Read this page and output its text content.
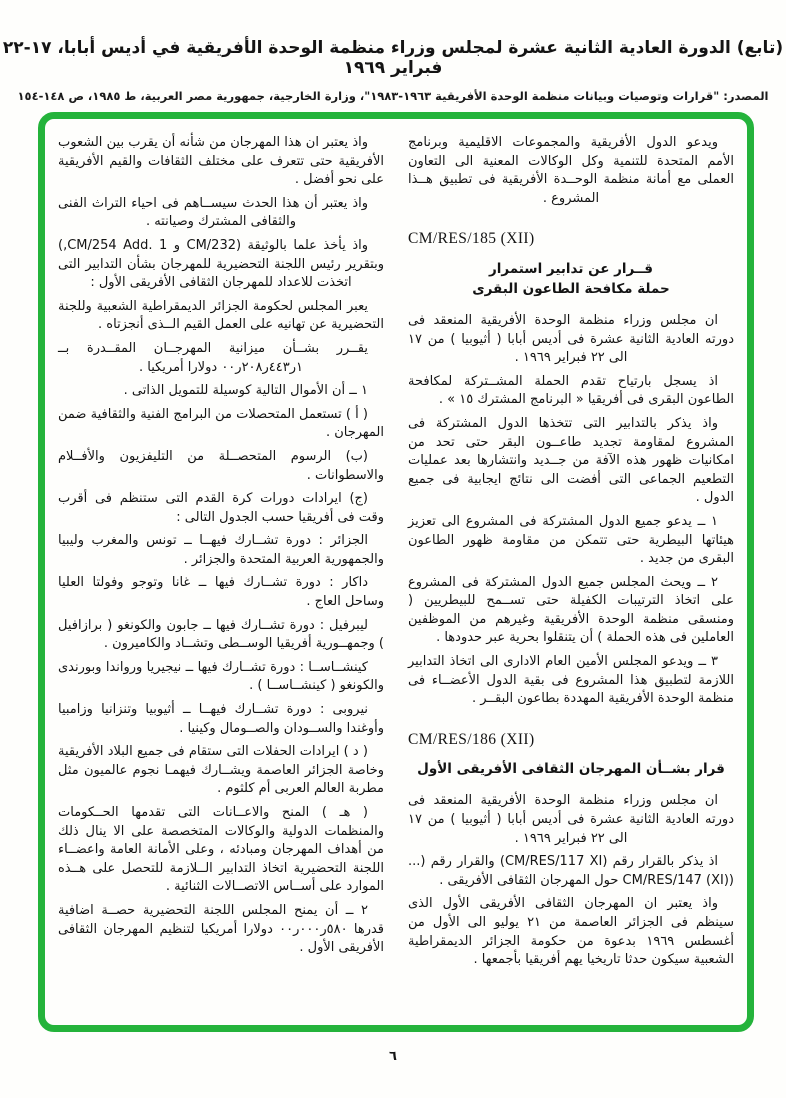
(تابع) الدورة العادية الثانية عشرة لمجلس وزراء منظمة الوحدة الأفريقية في أديس أبابا، ١٧-٢٢ فبراير ١٩٦٩
المصدر: "قرارات وتوصيات وبيانات منظمة الوحدة الأفريقية ١٩٦٣-١٩٨٣"، وزارة الخارجية، جمهورية مصر العربية، ط ١٩٨٥، ص ١٤٨-١٥٤

ويدعو الدول الأفريقية والمجموعات الاقليمية وبرنامج الأمم المتحدة للتنمية وكل الوكالات المعنية الى التعاون العملى مع أمانة منظمة الوحــدة الأفريقية فى تطبيق هــذا المشروع .

CM/RES/185 (XII)
قــرار عن تدابير استمرار
حملة مكافحة الطاعون البقرى

ان مجلس وزراء منظمة الوحدة الأفريقية المنعقد فى دورته العادية الثانية عشرة فى أديس أبابا ( أثيوبيا ) من ١٧ الى ٢٢ فبراير ١٩٦٩ .

اذ يسجل بارتياح تقدم الحملة المشــتركة لمكافحة الطاعون البقرى فى أفريقيا « البرنامج المشترك ١٥ » .

واذ يذكر بالتدابير التى تتخذها الدول المشتركة فى المشروع لمقاومة تجديد طاعــون البقر حتى تحد من امكانيات ظهور هذه الآفة من جــديد وانتشارها بعد عمليات التطعيم الجماعى التى أفضت الى نتائج ايجابية فى جميع الدول .

١ ــ يدعو جميع الدول المشتركة فى المشروع الى تعزيز هيئاتها البيطرية حتى تتمكن من مقاومة ظهور الطاعون البقرى من جديد .

٢ ــ ويحث المجلس جميع الدول المشتركة فى المشروع على اتخاذ الترتيبات الكفيلة حتى تســمح للبيطريين ( ومنسقى منظمة الوحدة الأفريقية وغيرهم من الموظفين العاملين فى هذه الحملة ) أن يتنقلوا بحرية عبر حدودها .

٣ ــ ويدعو المجلس الأمين العام الادارى الى اتخاذ التدابير اللازمة لتطبيق هذا المشروع فى بقية الدول الأعضــاء فى منظمة الوحدة الأفريقية المهددة بطاعون البقــر .

CM/RES/186 (XII)
قرار بشــأن المهرجان الثقافى الأفريقى الأول

ان مجلس وزراء منظمة الوحدة الأفريقية المنعقد فى دورته العادية الثانية عشرة فى أديس أبابا ( أثيوبيا ) من ١٧ الى ٢٢ فبراير ١٩٦٩ .

اذ يذكر بالقرار رقم (CM/RES/117 XI) والقرار رقم (... (CM/RES/147 (XI) حول المهرجان الثقافى الأفريقى .

واذ يعتبر ان المهرجان الثقافى الأفريقى الأول الذى سينظم فى الجزائر العاصمة من ٢١ يوليو الى الأول من أغسطس ١٩٦٩ بدعوة من حكومة الجزائر الديمقراطية الشعبية سيكون حدثا تاريخيا يهم أفريقيا بأجمعها .

واذ يعتبر ان هذا المهرجان من شأنه أن يقرب بين الشعوب الأفريقية حتى تتعرف على مختلف الثقافات والقيم الأفريقية على نحو أفضل .

واذ يعتبر أن هذا الحدث سيســاهم فى احياء التراث الفنى والثقافى المشترك وصيانته .

واذ يأخذ علما بالوثيقة (CM/232 و CM/254 Add. 1,) وبتقرير رئيس اللجنة التحضيرية للمهرجان بشأن التدابير التى اتخذت للاعداد للمهرجان الثقافى الأفريقى الأول :

يعبر المجلس لحكومة الجزائر الديمقراطية الشعبية وللجنة التحضيرية عن تهانيه على العمل القيم الــذى أنجزتاه .

يقــرر بشــأن ميزانية المهرجــان المقــدرة بــ ١ر٤٤٣ر٢٠٨ر٠٠ دولارا أمريكيا .

١ ــ أن الأموال التالية كوسيلة للتمويل الذاتى .

( أ ) تستعمل المتحصلات من البرامج الفنية والثقافية ضمن المهرجان .

(ب) الرسوم المتحصــلة من التليفزيون والأفــلام والاسطوانات .

(ج) ايرادات دورات كرة القدم التى ستنظم فى أقرب وقت فى أفريقيا حسب الجدول التالى :

الجزائر : دورة تشــارك فيهــا ــ تونس والمغرب وليبيا والجمهورية العربية المتحدة والجزائر .

داكار : دورة تشــارك فيها ــ غانا وتوجو وفولتا العليا وساحل العاج .

ليبرفيل : دورة تشــارك فيها ــ جابون والكونغو ( برازافيل ) وجمهــورية أفريقيا الوســطى وتشــاد والكاميرون .

كينشــاســا : دورة تشــارك فيها ــ نيجيريا ورواندا وبورندى والكونغو ( كينشــاســا ) .

نيروبى : دورة تشــارك فيهــا ــ أثيوبيا وتنزانيا وزامبيا وأوغندا والســودان والصــومال وكينيا .

( د ) ايرادات الحفلات التى ستقام فى جميع البلاد الأفريقية وخاصة الجزائر العاصمة ويشــارك فيهمـا نجوم عالميون مثل مطربة العالم العربى أم كلثوم .

( هـ ) المنح والاعــانات التى تقدمها الحــكومات والمنظمات الدولية والوكالات المتخصصة على الا ينال ذلك من أهداف المهرجان ومبادئه ، وعلى الأمانة العامة واعضــاء اللجنة التحضيرية اتخاذ التدابير الــلازمة للتحصل على هــذه الموارد على أســاس الاتصــالات الثنائية .

٢ ــ أن يمنح المجلس اللجنة التحضيرية حصــة اضافية قدرها ٥٨٠ر٠٠٠ر٠٠ دولارا أمريكيا لتنظيم المهرجان الثقافى الأفريقى الأول .

٦
